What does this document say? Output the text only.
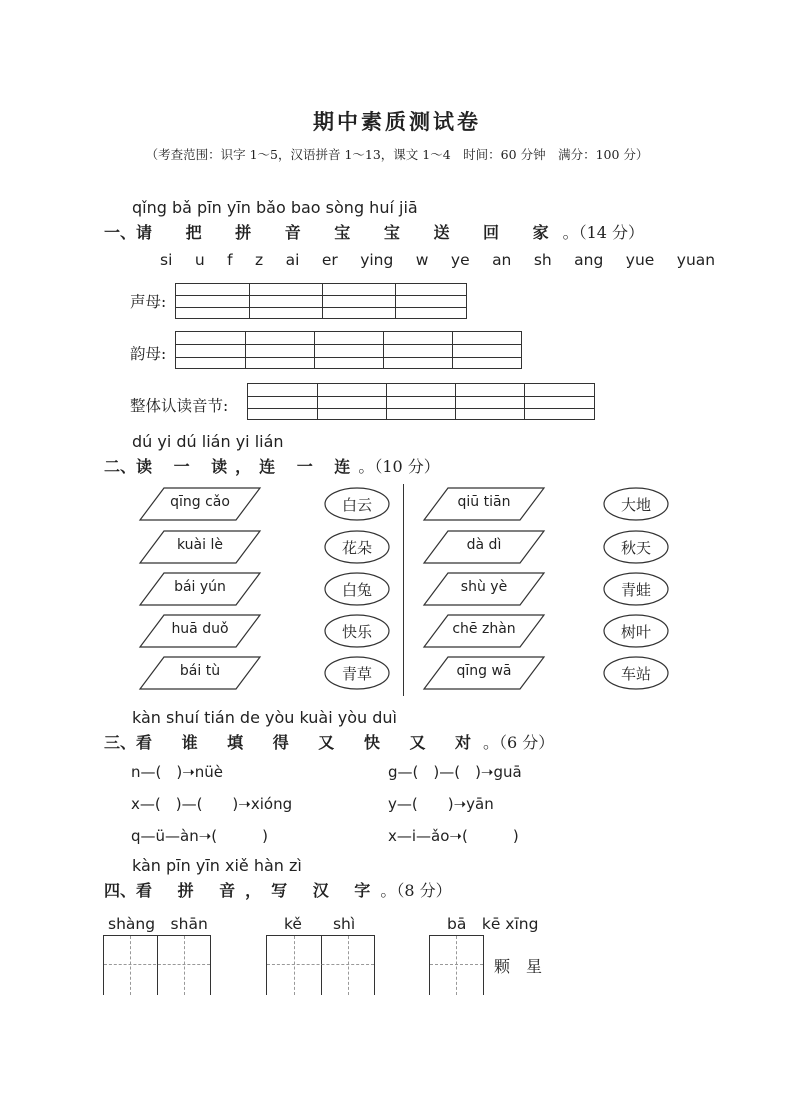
期中素质测试卷
（考查范围：识字 1～5，汉语拼音 1～13，课文 1～4　时间：60 分钟　满分：100 分）
qǐng bǎ pīn yīn bǎo bao sòng huí jiā
一、请 把 拼 音 宝 宝 送 回 家。（14 分）
si u f z ai er ying w ye an sh ang yue yuan
声母:
韵母:
整体认读音节:
dú yi dú lián yi lián
二、读 一 读，连 一 连。（10 分）
qīng cǎo
kuài lè
bái yún
huā duǒ
bái tù
白云
花朵
白兔
快乐
青草
qiū tiān
dà dì
shù yè
chē zhàn
qīng wā
大地
秋天
青蛙
树叶
车站
kàn shuí tián de yòu kuài yòu duì
三、看 谁 填 得 又 快 又 对。（6 分）
n—(　)➝nüè	g—(　)—(　)➝guā
x—(　)—(　　)➝xióng	y—(　　)➝yān
q—ü—àn➝(　　　)	x—i—ǎo➝(　　　)
kàn pīn yīn xiě hàn zì
四、看 拼 音，写 汉 字。（8 分）
shàng　shān	kě　　shì	bā　kē xīng
颗　星
